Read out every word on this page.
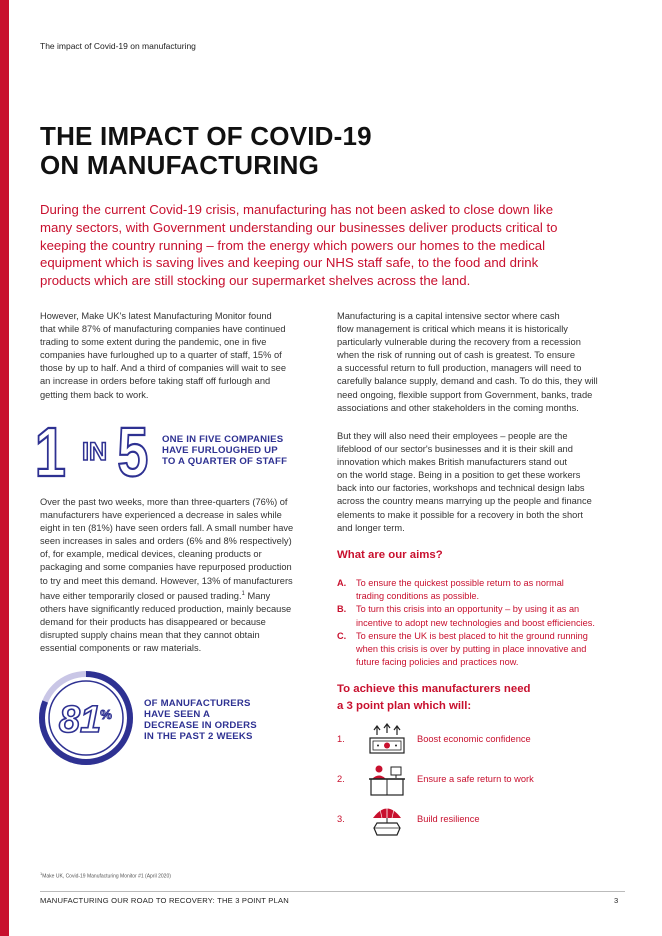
The impact of Covid-19 on manufacturing
THE IMPACT OF COVID-19
ON MANUFACTURING
During the current Covid-19 crisis, manufacturing has not been asked to close down like
many sectors, with Government understanding our businesses deliver products critical to
keeping the country running – from the energy which powers our homes to the medical
equipment which is saving lives and keeping our NHS staff safe, to the food and drink
products which are still stocking our supermarket shelves across the land.
However, Make UK's latest Manufacturing Monitor found
that while 87% of manufacturing companies have continued
trading to some extent during the pandemic, one in five
companies have furloughed up to a quarter of staff, 15% of
those by up to half. And a third of companies will wait to see
an increase in orders before taking staff off furlough and
getting them back to work.
1 IN 5 ONE IN FIVE COMPANIES
HAVE FURLOUGHED UP
TO A QUARTER OF STAFF
Over the past two weeks, more than three-quarters (76%) of
manufacturers have experienced a decrease in sales while
eight in ten (81%) have seen orders fall. A small number have
seen increases in sales and orders (6% and 8% respectively)
of, for example, medical devices, cleaning products or
packaging and some companies have repurposed production
to try and meet this demand. However, 13% of manufacturers
have either temporarily closed or paused trading.$^1$ Many
others have significantly reduced production, mainly because
demand for their products has disappeared or because
disrupted supply chains mean that they cannot obtain
essential components or raw materials.
81 %
OF MANUFACTURERS
HAVE SEEN A
DECREASE IN ORDERS
IN THE PAST 2 WEEKS
Manufacturing is a capital intensive sector where cash
flow management is critical which means it is historically
particularly vulnerable during the recovery from a recession
when the risk of running out of cash is greatest. To ensure
a successful return to full production, managers will need to
carefully balance supply, demand and cash. To do this, they will
need ongoing, flexible support from Government, banks, trade
associations and other stakeholders in the coming months.
But they will also need their employees – people are the
lifeblood of our sector's businesses and it is their skill and
innovation which makes British manufacturers stand out
on the world stage. Being in a position to get these workers
back into our factories, workshops and technical design labs
across the country means marrying up the people and finance
elements to make it possible for a recovery in both the short
and longer term.
What are our aims?
A. To ensure the quickest possible return to as normal
trading conditions as possible.
B. To turn this crisis into an opportunity – by using it as an
incentive to adopt new technologies and boost efficiencies.
C. To ensure the UK is best placed to hit the ground running
when this crisis is over by putting in place innovative and
future facing policies and practices now.
To achieve this manufacturers need
a 3 point plan which will:
1.	Boost economic confidence
2.	Ensure a safe return to work
3.	Build resilience
$^1$Make UK, Covid-19 Manufacturing Monitor #1 (April 2020)
MANUFACTURING OUR ROAD TO RECOVERY: THE 3 POINT PLAN	3
